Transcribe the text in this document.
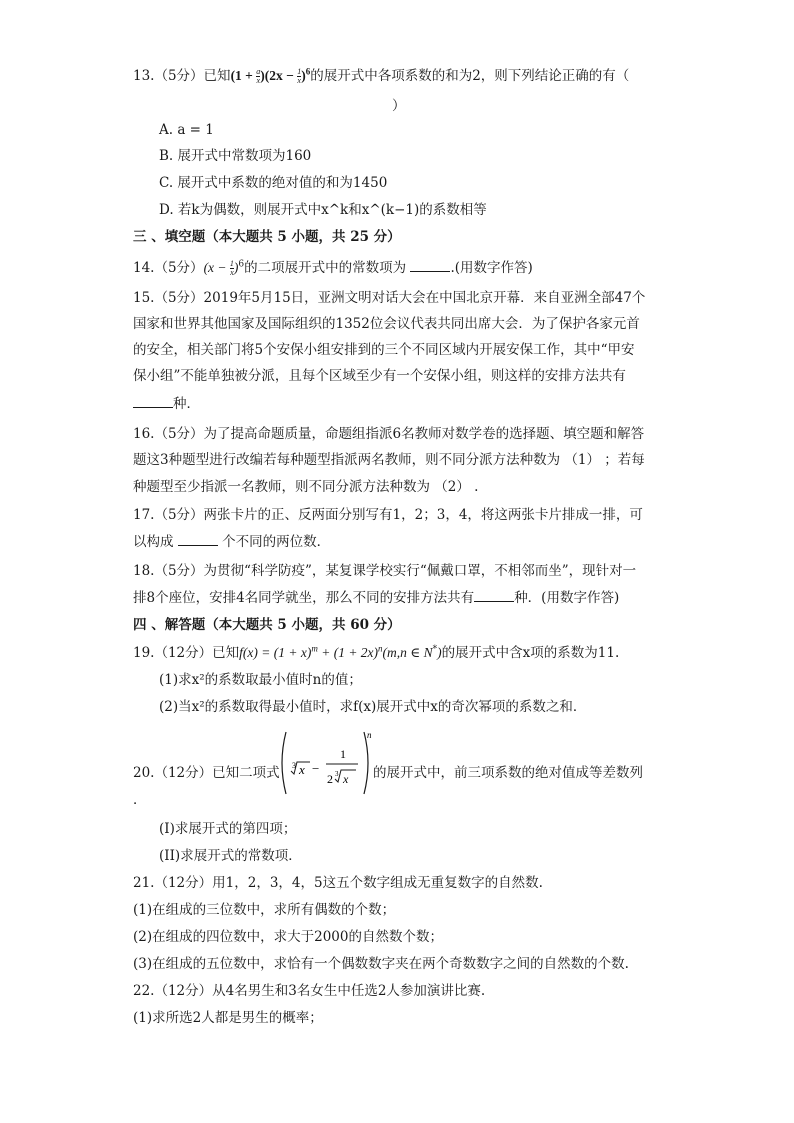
13.（5分）已知$(1 + \frac{a}{x} )(2x - \frac{1}{x} )^6$的展开式中各项系数的和为2，则下列结论正确的有（
）
A. a = 1
B. 展开式中常数项为160
C. 展开式中系数的绝对值的和为1450
D. 若k为偶数，则展开式中x^k和x^(k−1)的系数相等
三 、填空题（本大题共 5 小题，共 25 分）
14.（5分）$(x - \frac{1}{x} )^6$的二项展开式中的常数项为	.(用数字作答)
15.（5分）2019年5月15日，亚洲文明对话大会在中国北京开幕．来自亚洲全部47个
国家和世界其他国家及国际组织的1352位会议代表共同出席大会．为了保护各家元首
的安全，相关部门将5个安保小组安排到的三个不同区域内开展安保工作，其中“甲安
保小组”不能单独被分派，且每个区域至少有一个安保小组，则这样的安排方法共有
种．
16.（5分）为了提高命题质量，命题组指派6名教师对数学卷的选择题、填空题和解答
题这3种题型进行改编若每种题型指派两名教师，则不同分派方法种数为 （1） ；若每
种题型至少指派一名教师，则不同分派方法种数为 （2） .
17.（5分）两张卡片的正、反两面分别写有1，2；3，4，将这两张卡片排成一排，可
以构成	个不同的两位数．
18.（5分）为贯彻“科学防疫”，某复课学校实行“佩戴口罩，不相邻而坐”，现针对一
排8个座位，安排4名同学就坐，那么不同的安排方法共有	种．(用数字作答)
四 、解答题（本大题共 5 小题，共 60 分）
19.（12分）已知$f(x) = (1 + x)^m + (1 + 2x)^n(m,n$ ∈ N*)的展开式中含x项的系数为11.
(1)求x²的系数取最小值时n的值；
(2)当x²的系数取得最小值时，求f(x)展开式中x的奇次幂项的系数之和．
20.（12分）已知二项式 3 x −
1
2 3 x
n
的展开式中，前三项系数的绝对值成等差数列
．
(I)求展开式的第四项；
(II)求展开式的常数项．
21.（12分）用1，2，3，4，5这五个数字组成无重复数字的自然数.
(1)在组成的三位数中，求所有偶数的个数；
(2)在组成的四位数中，求大于2000的自然数个数；
(3)在组成的五位数中，求恰有一个偶数数字夹在两个奇数数字之间的自然数的个数.
22.（12分）从4名男生和3名女生中任选2人参加演讲比赛.
(1)求所选2人都是男生的概率；
